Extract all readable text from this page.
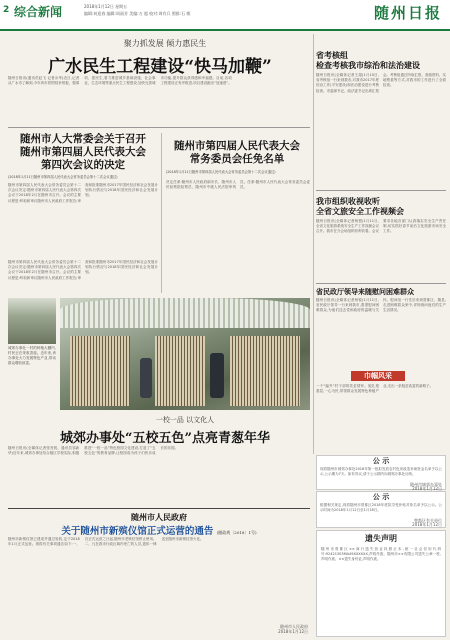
2 综合新闻	2018年1月12日 星期五
编辑:何迎春 编辑:周丽芳 美编:万 超 校对:周有兵 照排:石 敏	随州日报
聚力抓发展 倾力惠民生
广水民生工程建设“快马加鞭”
随州日报讯(通讯员赵飞 记者余华)近日,记者从广水市了解到,今年该市将围绕补短板、强弱项、惠民生,着力推进城乡基础设施、社会事业、生态环境等重点民生工程建设,加快完善城市功能,提升群众获得感和幸福感。目前,各项工程建设正有序推进,项目建设跑出“加速度”。
随州市人大常委会关于召开
随州市第四届人民代表大会
第四次会议的决定
(2018年1月11日随州市第四届人民代表大会常务委员会第十二次会议通过)
随州市第四届人民代表大会常务委员会第十二次会议决定:随州市第四届人民代表大会第四次会议于2018年2月在随州市召开。会议的主要议程是:听取和审议随州市人民政府工作报告;审查和批准随州市2017年国民经济和社会发展计划执行情况与2018年国民经济和社会发展计划。
随州市第四届人民代表大会常务委员会第十二次会议决定:随州市第四届人民代表大会第四次会议于2018年2月在随州市召开。会议的主要议程是:听取和审议随州市人民政府工作报告;审查和批准随州市2017年国民经济和社会发展计划执行情况与2018年国民经济和社会发展计划。
随州市第四届人民代表大会
常务委员会任免名单
(2018年1月11日随州市第四届人民代表大会常务委员会第十二次会议通过)
决定任命:随州市人民政府副市长、随州市人民检察院检察员、随州市中级人民法院审判员。任命:随州市人民代表大会常务委员会委员。
省考核组
检查考核我市综治和法治建设
随州日报讯(全媒体记者王超)1月10日,省考核组一行来到我市,对我市2017年度综治工作(平安建设)和法治建设进行考核检查。市委副书记、政法委书记出席汇报会。考核组通过听取汇报、查阅资料、实地察看等方式,对我市的工作进行了全面检查。
我市组织收视收听
全省文旅安全工作视频会
随州日报讯(全媒体记者杨银)1月11日,全省文化旅游系统安全生产工作视频会议召开。我市在分会场组织收听收看。会议要求各地各部门认真落实安全生产责任制,切实抓好春节前后文化旅游市场安全工作。
省民政厅领导来随慰问困难群众
随州日报讯(全媒体记者杨锐)1月11日,省民政厅领导一行来到我市,看望慰问困难群众,为他们送去党和政府的温暖与关怀。慰问组一行先后来到曾都区、随县,走进困难群众家中,详细询问他们的生产生活情况。
巾帼风采
一个“编外”村干部的扶贫情怀。她扎根基层,一心为民,带领群众发展特色种植产业,走出一条脱贫致富的新路子。
城郊办事处一村的种植大棚内,村民正在采收香菇。近年来,该办事处大力发展特色产业,带动群众增收致富。
一校一品 以文化人
城郊办事处“五校五色”点亮青葱年华
随州日报讯(全媒体记者张发锐、通讯员邹新华)近年来,城郊办事处结合辖区学校实际,积极推进“一校一品”特色校园文化建设,打造了“五校五色”的教育品牌,让校园成为孩子们快乐成长的乐园。
公 示
现将随州市城郊办事处2018年第一批拟发放农村危房改造补助资金名单予以公示,公示期为7天。如有异议,请于公示期内向城郊办事处反映。
随州市城郊办事处
2018年1月12日
公 示
根据相关规定,现将随州市曾都区2018年度拟享受补贴对象名单予以公示。公示时间为2018年1月12日至1月18日。
曾都区有关单位
2018年1月12日
随州市人民政府
关于随州市新殡仪馆正式运营的通告 (随政规〔2018〕1号)
随州市新殡仪馆已建成并通过验收,定于2018年1月正式运营。现将有关事项通告如下:一、自正式运营之日起,随州市老殡仪馆停止使用。二、凡在我市行政区域内死亡的人员,遗体一律送至随州市新殡仪馆火化。
随州市人民政府
2018年1月12日
遗失声明
随州市曾都区××商行遗失营业执照正本,统一社会信用代码号:92421303MA49XXXXXX,声明作废。随州市××有限公司遗失公章一枚,声明作废。××遗失身份证,声明作废。
